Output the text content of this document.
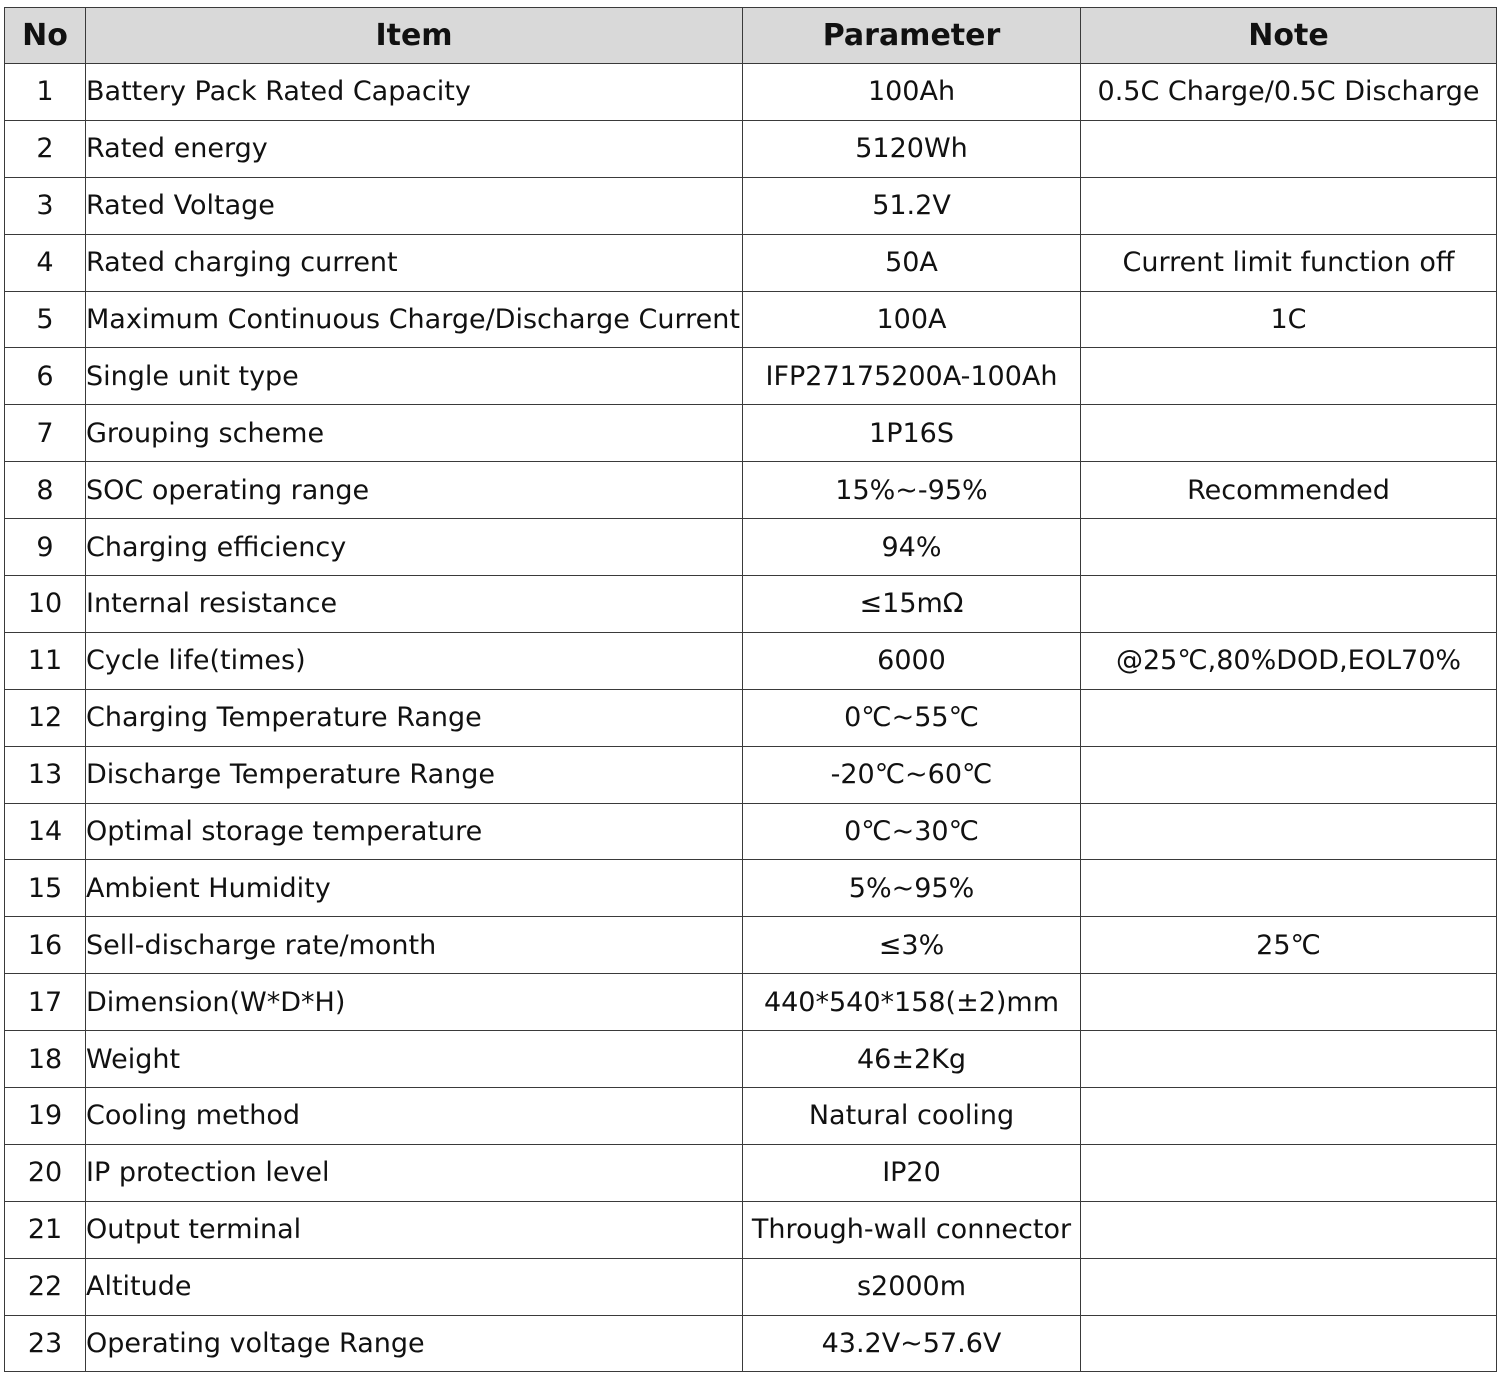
No	Item	Parameter	Note
1	Battery Pack Rated Capacity	100Ah	0.5C Charge/0.5C Discharge
2	Rated energy	5120Wh	
3	Rated Voltage	51.2V	
4	Rated charging current	50A	Current limit function off
5	Maximum Continuous Charge/Discharge Current	100A	1C
6	Single unit type	IFP27175200A-100Ah	
7	Grouping scheme	1P16S	
8	SOC operating range	15%~-95%	Recommended
9	Charging efficiency	94%	
10	Internal resistance	≤15mΩ	
11	Cycle life(times)	6000	@25℃,80%DOD,EOL70%
12	Charging Temperature Range	0℃~55℃	
13	Discharge Temperature Range	-20℃~60℃	
14	Optimal storage temperature	0℃~30℃	
15	Ambient Humidity	5%~95%	
16	Sell-discharge rate/month	≤3%	25℃
17	Dimension(W*D*H)	440*540*158(±2)mm	
18	Weight	46±2Kg	
19	Cooling method	Natural cooling	
20	IP protection level	IP20	
21	Output terminal	Through-wall connector	
22	Altitude	s2000m	
23	Operating voltage Range	43.2V~57.6V	
